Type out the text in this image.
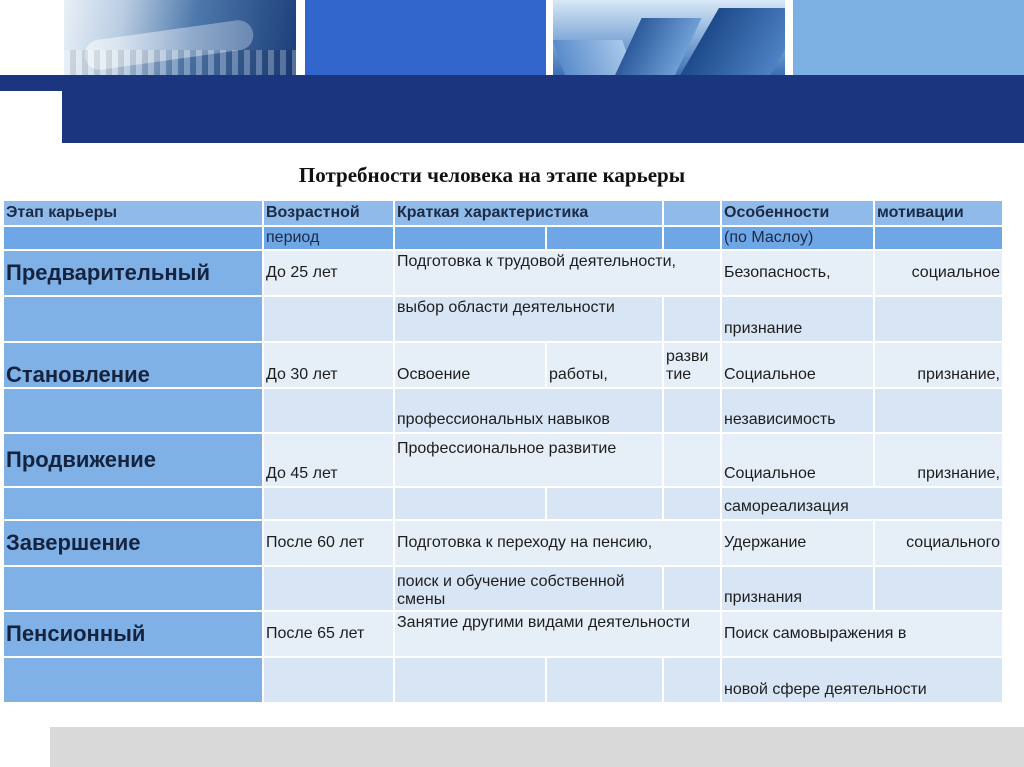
Потребности человека на этапе карьеры
Этап карьеры	Возрастной	Краткая характеристика			Особенности	мотивации
	период				(по Маслоу)	
Предварительный	До 25 лет	Подготовка к трудовой деятельности,			Безопасность,	социальное
		выбор области деятельности			признание	
Становление	До 30 лет	Освоение	работы,	разви тие	Социальное	признание,
		профессиональных навыков			независимость	
Продвижение	До 45 лет	Профессиональное развитие			Социальное	признание,
					самореализация	
Завершение	После 60 лет	Подготовка к переходу на пенсию,			Удержание	социального
		поиск и обучение собственной смены			признания	
Пенсионный	После 65 лет	Занятие другими видами деятельности			Поиск самовыражения в	
					новой сфере деятельности	
